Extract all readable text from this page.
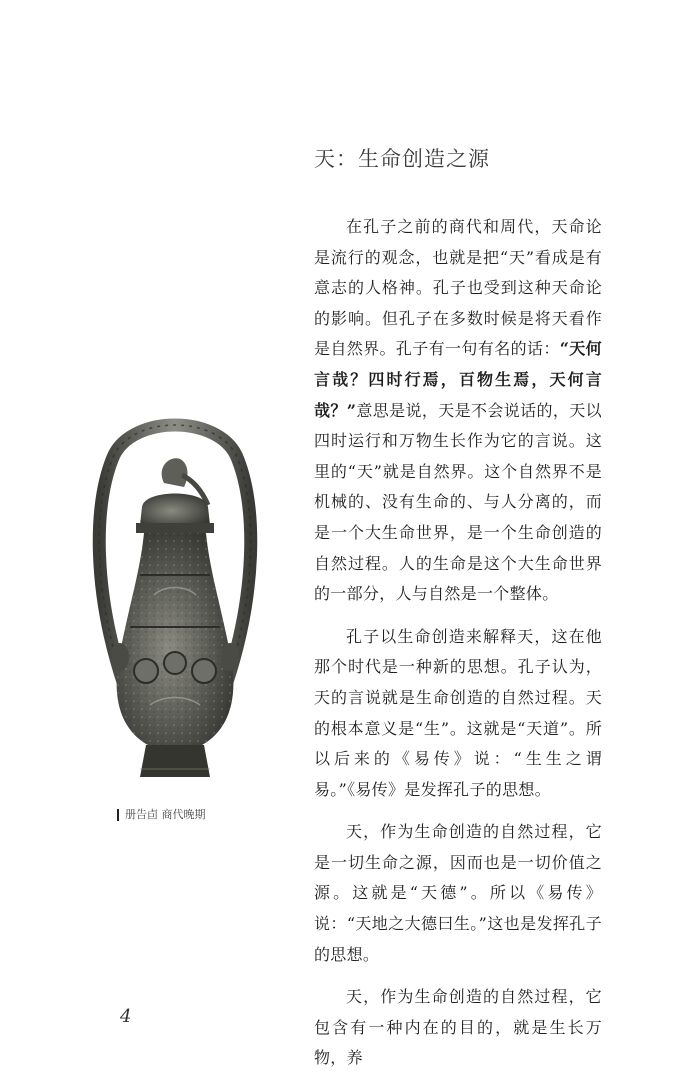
天：生命创造之源

在孔子之前的商代和周代，天命论是流行的观念，也就是把“天”看成是有意志的人格神。孔子也受到这种天命论的影响。但孔子在多数时候是将天看作是自然界。孔子有一句有名的话：“天何言哉？四时行焉，百物生焉，天何言哉？”意思是说，天是不会说话的，天以四时运行和万物生长作为它的言说。这里的“天”就是自然界。这个自然界不是机械的、没有生命的、与人分离的，而是一个大生命世界，是一个生命创造的自然过程。人的生命是这个大生命世界的一部分，人与自然是一个整体。

孔子以生命创造来解释天，这在他那个时代是一种新的思想。孔子认为，天的言说就是生命创造的自然过程。天的根本意义是“生”。这就是“天道”。所以后来的《易传》说：“生生之谓易。”《易传》是发挥孔子的思想。

天，作为生命创造的自然过程，它是一切生命之源，因而也是一切价值之源。这就是“天德”。所以《易传》说：“天地之大德曰生。”这也是发挥孔子的思想。

天，作为生命创造的自然过程，它包含有一种内在的目的，就是生长万物，养

册告卣 商代晚期
4
